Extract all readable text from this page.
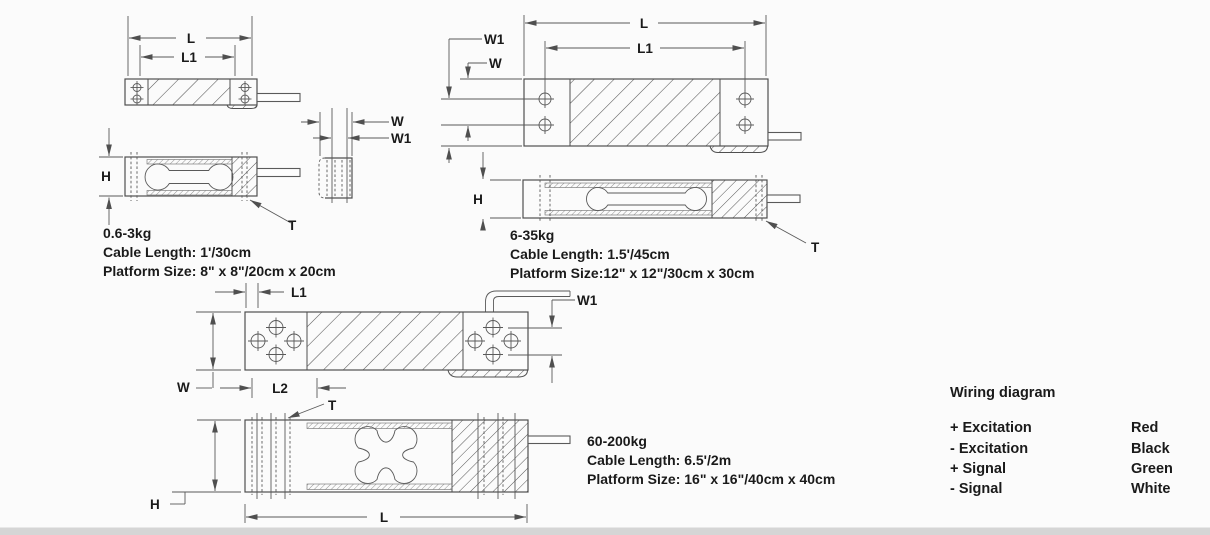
L
L1
H
T
0.6-3kg
Cable Length: 1'/30cm
Platform Size: 8" x 8"/20cm x 20cm
W
W1
L
L1
W1
W
H
T
6-35kg
Cable Length: 1.5'/45cm
Platform Size:12" x 12"/30cm x 30cm
L1
L2
W
W1
T
H
L
60-200kg
Cable Length: 6.5'/2m
Platform Size: 16" x 16"/40cm x 40cm
Wiring diagram
+ Excitation	Red
- Excitation	Black
+ Signal	Green
- Signal	White
